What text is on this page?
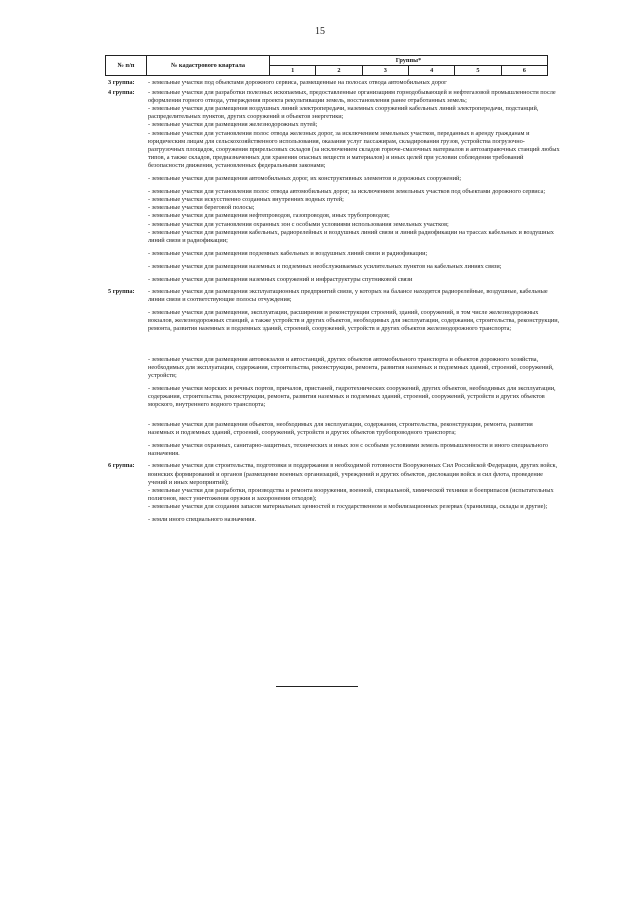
15
№ п/п	№ кадастрового квартала	Группы*					
		1	2	3	4	5	6
3 группа:	- земельные участки под объектами дорожного сервиса, размещенные на полосах отвода автомобильных дорог

4 группа:	- земельные участки для разработки полезных ископаемых, предоставленные организациям горнодобывающей и нефтегазовой промышленности после оформления горного отвода, утверждения проекта рекультивации земель, восстановления ранее отработанных земель;

- земельные участки для размещения воздушных линий электропередачи, наземных сооружений кабельных линий электропередачи, подстанций, распределительных пунктов, других сооружений и объектов энергетики;

- земельные участки для размещения железнодорожных путей;

- земельные участки для установления полос отвода железных дорог, за исключением земельных участков, переданных в аренду гражданам и юридическим лицам для сельскохозяйственного использования, оказания услуг пассажирам, складирования грузов, устройства погрузочно-разгрузочных площадок, сооружения прирельсовых складов (за исключением складов горюче-смазочных материалов и автозаправочных станций любых типов, а также складов, предназначенных для хранения опасных веществ и материалов) и иных целей при условии соблюдения требований безопасности движения, установленных федеральными законами;

- земельные участки для размещения автомобильных дорог, их конструктивных элементов и дорожных сооружений;

- земельные участки для установления полос отвода автомобильных дорог, за исключением земельных участков под объектами дорожного сервиса;

- земельные участки искусственно созданных внутренних водных путей;

- земельные участки береговой полосы;

- земельные участки для размещения нефтепроводов, газопроводов, иных трубопроводов;

- земельные участки для установления охранных зон с особыми условиями использования земельных участков;

- земельные участки для размещения кабельных, радиорелейных и воздушных линий связи и линий радиофикации на трассах кабельных и воздушных линий связи и радиофикации;

- земельные участки для размещения подземных кабельных и воздушных линий связи и радиофикации;

- земельные участки для размещения наземных и подземных необслуживаемых усилительных пунктов на кабельных линиях связи;

- земельные участки для размещения наземных сооружений и инфраструктуры спутниковой связи

5 группа:	- земельные участки для размещения эксплуатационных предприятий связи, у которых на балансе находятся радиорелейные, воздушные, кабельные линии связи и соответствующие полосы отчуждения;

- земельные участки для размещения, эксплуатации, расширения и реконструкции строений, зданий, сооружений, в том числе железнодорожных вокзалов, железнодорожных станций, а также устройств и других объектов, необходимых для эксплуатации, содержания, строительства, реконструкции, ремонта, развития наземных и подземных зданий, строений, сооружений, устройств и других объектов железнодорожного транспорта;

- земельные участки для размещения автовокзалов и автостанций, других объектов автомобильного транспорта и объектов дорожного хозяйства, необходимых для эксплуатации, содержания, строительства, реконструкции, ремонта, развития наземных и подземных зданий, строений, сооружений, устройств;

- земельные участки морских и речных портов, причалов, пристаней, гидротехнических сооружений, других объектов, необходимых для эксплуатации, содержания, строительства, реконструкции, ремонта, развития наземных и подземных зданий, строений, сооружений, устройств и других объектов морского, внутреннего водного транспорта;

- земельные участки для размещения объектов, необходимых для эксплуатации, содержания, строительства, реконструкции, ремонта, развития наземных и подземных зданий, строений, сооружений, устройств и других объектов трубопроводного транспорта;

- земельные участки охранных, санитарно-защитных, технических и иных зон с особыми условиями земель промышленности и иного специального назначения.

6 группа:	- земельные участки для строительства, подготовки и поддержания в необходимой готовности Вооруженных Сил Российской Федерации, других войск, воинских формирований и органов (размещение военных организаций, учреждений и других объектов, дислокация войск и сил флота, проведение учений и иных мероприятий);

- земельные участки для разработки, производства и ремонта вооружения, военной, специальной, химической техники и боеприпасов (испытательных полигонов, мест уничтожения оружия и захоронения отходов);

- земельные участки для создания запасов материальных ценностей в государственном и мобилизационных резервах (хранилища, склады и другие);

- земли иного специального назначения.
